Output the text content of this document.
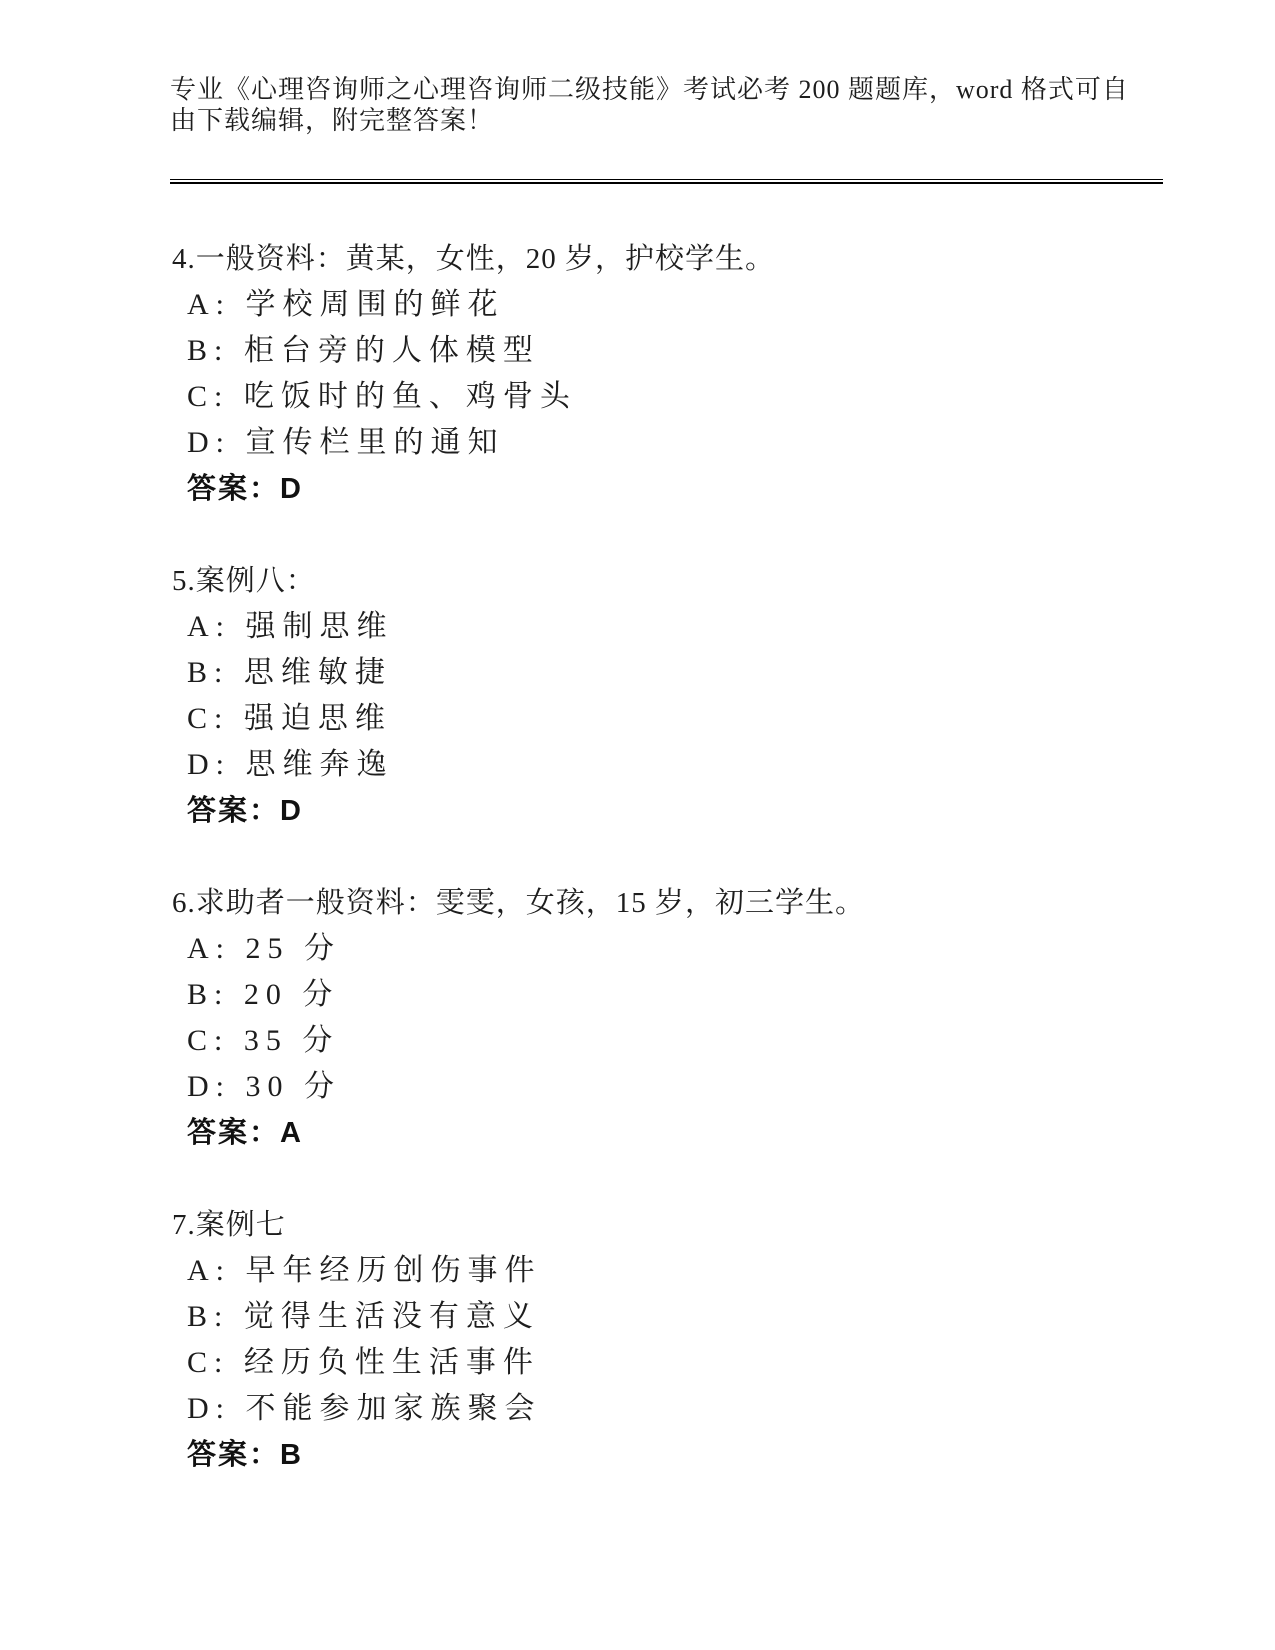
专业《心理咨询师之心理咨询师二级技能》考试必考 200 题题库，word 格式可自
由下载编辑，附完整答案！
4.一般资料：黄某，女性，20 岁，护校学生。
A: 学校周围的鲜花
B: 柜台旁的人体模型
C: 吃饭时的鱼、鸡骨头
D: 宣传栏里的通知
答案：D
5.案例八：
A: 强制思维
B: 思维敏捷
C: 强迫思维
D: 思维奔逸
答案：D
6.求助者一般资料：雯雯，女孩，15 岁，初三学生。
A: 25 分
B: 20 分
C: 35 分
D: 30 分
答案：A
7.案例七
A: 早年经历创伤事件
B: 觉得生活没有意义
C: 经历负性生活事件
D: 不能参加家族聚会
答案：B
